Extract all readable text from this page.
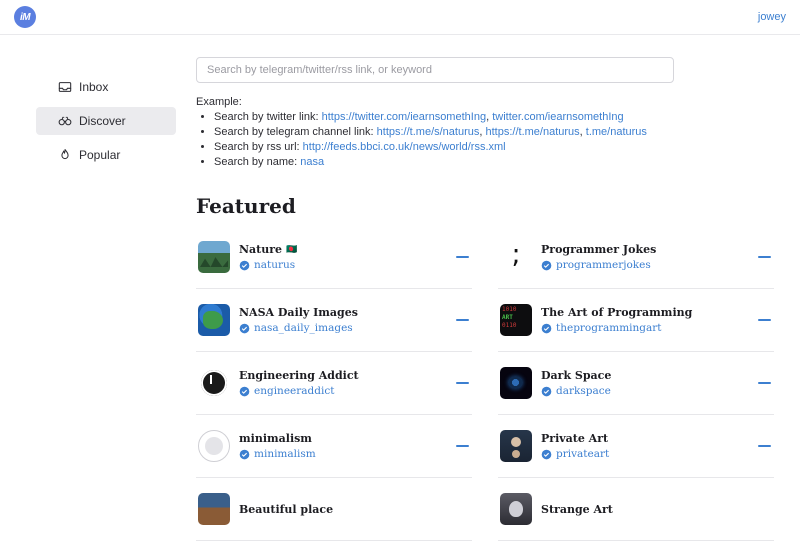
iM	jowey
Inbox
Discover
Popular
Search by telegram/twitter/rss link, or keyword
Example:
• Search by twitter link: https://twitter.com/iearnsomethIng, twitter.com/iearnsomethIng
• Search by telegram channel link: https://t.me/s/naturus, https://t.me/naturus, t.me/naturus
• Search by rss url: http://feeds.bbci.co.uk/news/world/rss.xml
• Search by name: nasa
Featured
Nature 🇧🇩
naturus	;	Programmer Jokes
programmerjokes
NASA Daily Images
nasa_daily_images
1010
ART
0110
The Art of Programming
theprogrammingart
Engineering Addict
engineeraddict
Dark Space
darkspace
minimalism
minimalism
Private Art
privateart
Beautiful place	Strange Art
